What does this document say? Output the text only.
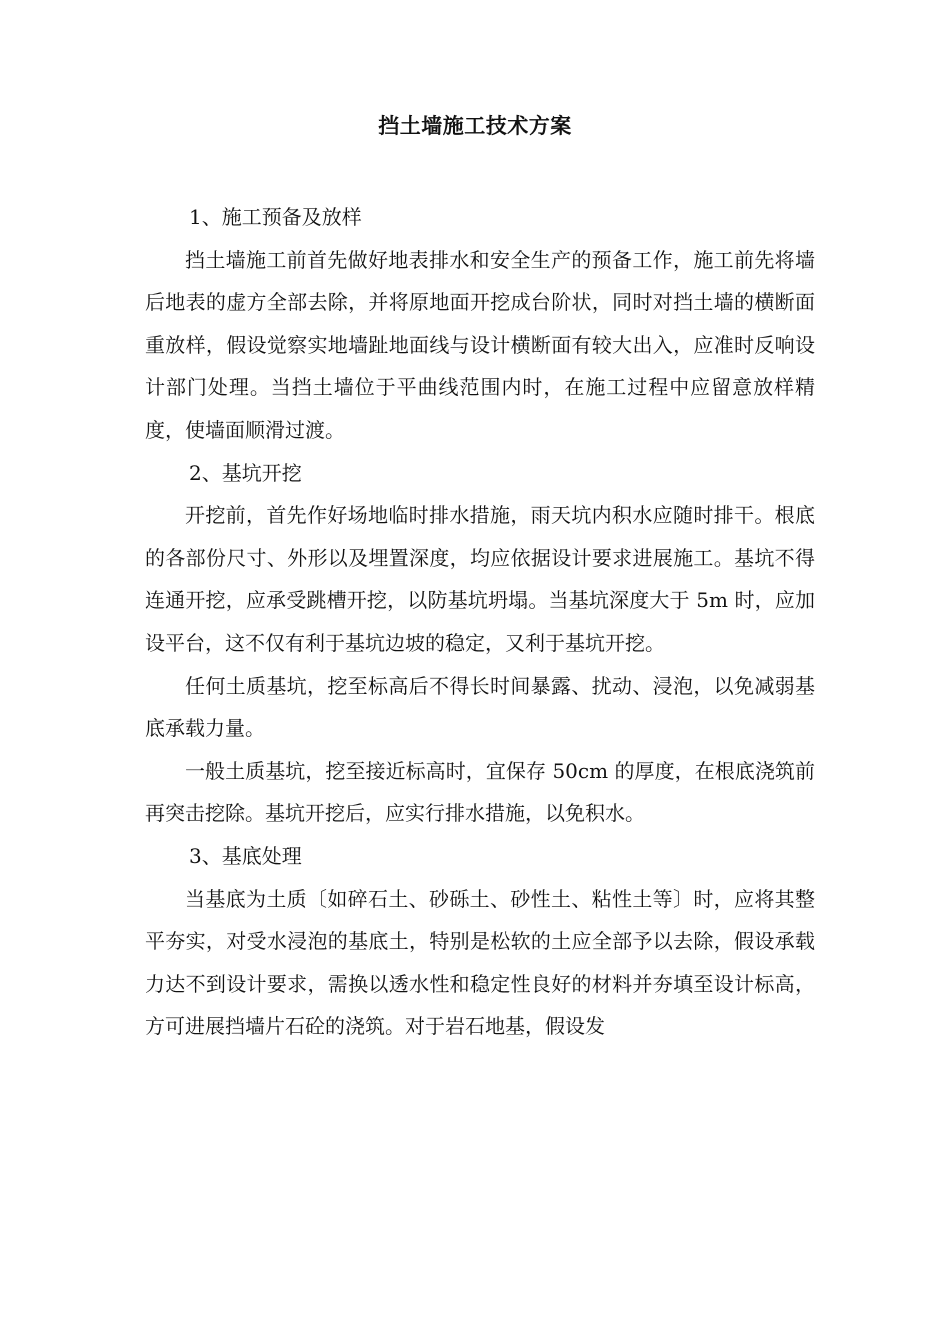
挡土墙施工技术方案

1、施工预备及放样

挡土墙施工前首先做好地表排水和安全生产的预备工作，施工前先将墙后地表的虚方全部去除，并将原地面开挖成台阶状，同时对挡土墙的横断面重放样，假设觉察实地墙趾地面线与设计横断面有较大出入，应准时反响设计部门处理。当挡土墙位于平曲线范围内时，在施工过程中应留意放样精度，使墙面顺滑过渡。

2、基坑开挖

开挖前，首先作好场地临时排水措施，雨天坑内积水应随时排干。根底的各部份尺寸、外形以及埋置深度，均应依据设计要求进展施工。基坑不得连通开挖，应承受跳槽开挖，以防基坑坍塌。当基坑深度大于 5m 时，应加设平台，这不仅有利于基坑边坡的稳定，又利于基坑开挖。

任何土质基坑，挖至标高后不得长时间暴露、扰动、浸泡，以免减弱基底承载力量。

一般土质基坑，挖至接近标高时，宜保存 50cm 的厚度，在根底浇筑前再突击挖除。基坑开挖后，应实行排水措施，以免积水。

3、基底处理

当基底为土质〔如碎石土、砂砾土、砂性土、粘性土等〕时，应将其整平夯实，对受水浸泡的基底土，特别是松软的土应全部予以去除，假设承载力达不到设计要求，需换以透水性和稳定性良好的材料并夯填至设计标高，方可进展挡墙片石砼的浇筑。对于岩石地基，假设发
